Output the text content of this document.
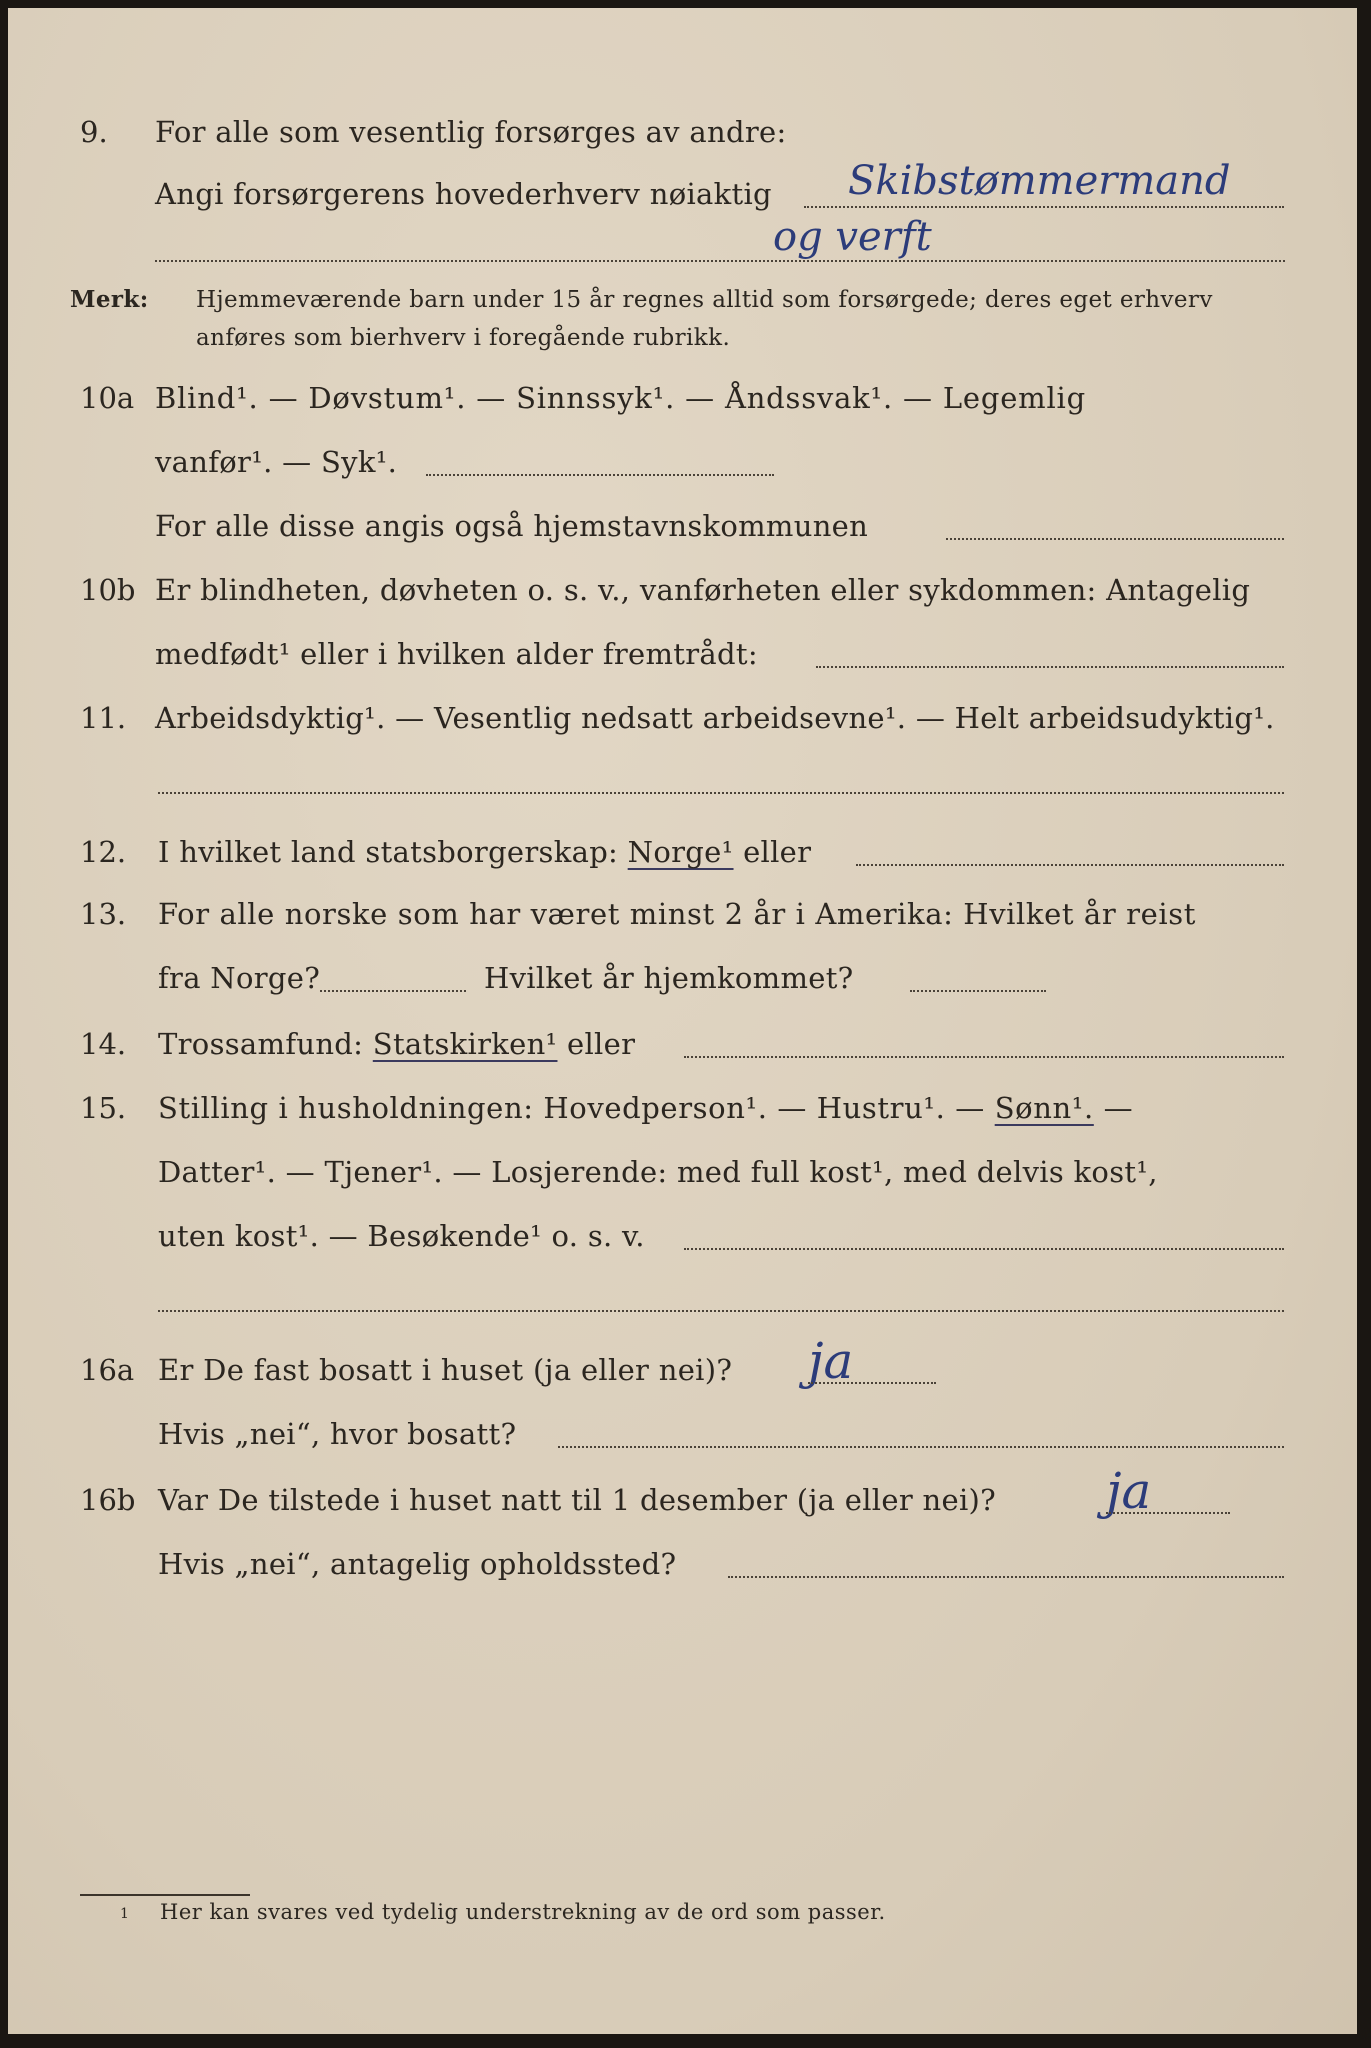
9. For alle som vesentlig forsørges av andre:
Angi forsørgerens hovederhverv nøiaktig Skibstømmermand
og verft
Merk: Hjemmeværende barn under 15 år regnes alltid som forsørgede; deres eget erhverv
anføres som bierhverv i foregående rubrikk.
10a Blind¹. — Døvstum¹. — Sinnssyk¹. — Åndssvak¹. — Legemlig
vanfør¹. — Syk¹.
For alle disse angis også hjemstavnskommunen
10b Er blindheten, døvheten o. s. v., vanførheten eller sykdommen: Antagelig
medfødt¹ eller i hvilken alder fremtrådt:
11. Arbeidsdyktig¹. — Vesentlig nedsatt arbeidsevne¹. — Helt arbeidsudyktig¹.
12. I hvilket land statsborgerskap: Norge¹ eller
13. For alle norske som har været minst 2 år i Amerika: Hvilket år reist
fra Norge?	Hvilket år hjemkommet?
14. Trossamfund: Statskirken¹ eller
15. Stilling i husholdningen: Hovedperson¹. — Hustru¹. — Sønn¹. —
Datter¹. — Tjener¹. — Losjerende: med full kost¹, med delvis kost¹,
uten kost¹. — Besøkende¹ o. s. v.
16a Er De fast bosatt i huset (ja eller nei)? ja
Hvis „nei“, hvor bosatt?
16b Var De tilstede i huset natt til 1 desember (ja eller nei)? ja
Hvis „nei“, antagelig opholdssted?
1 Her kan svares ved tydelig understrekning av de ord som passer.
